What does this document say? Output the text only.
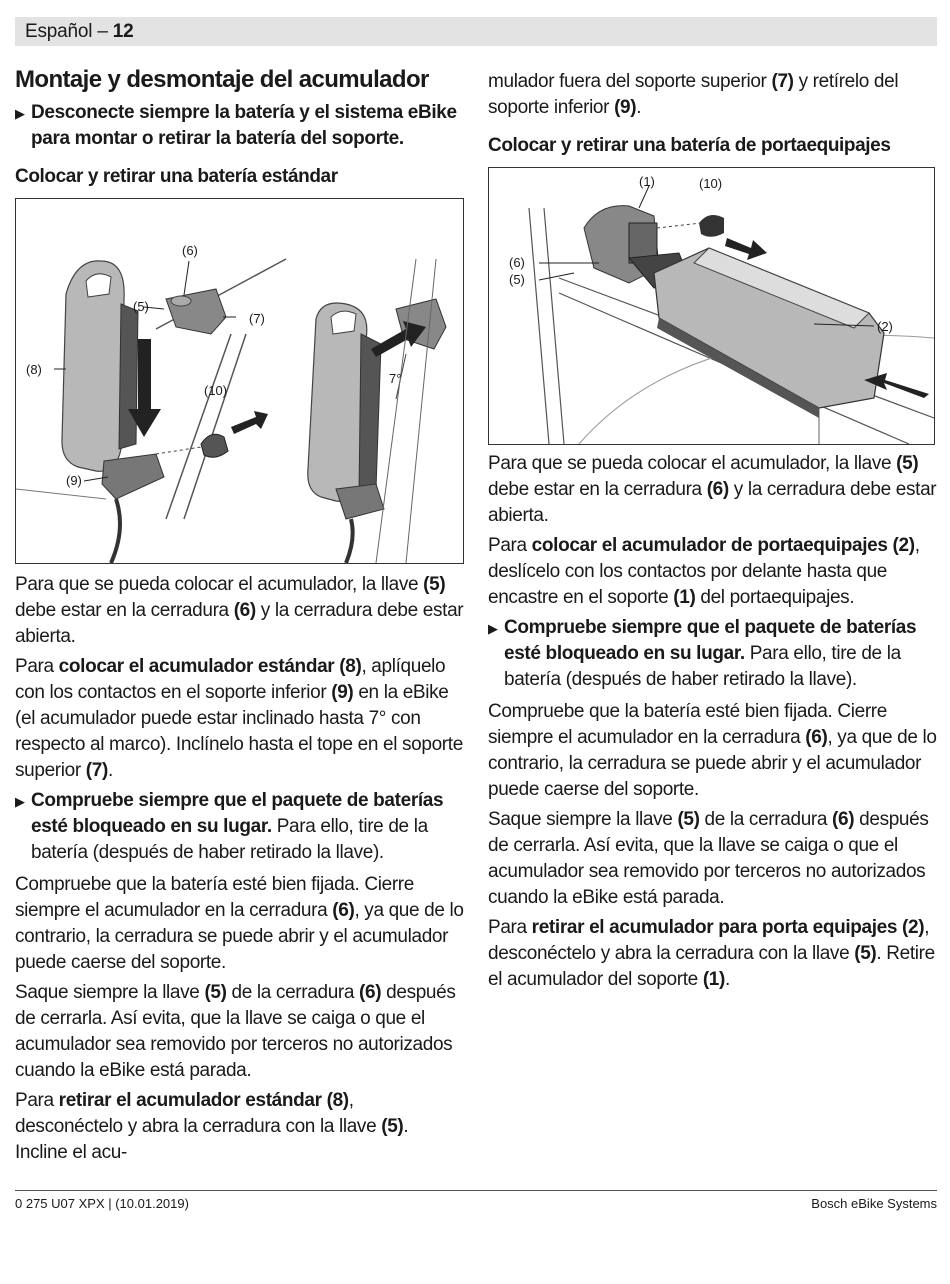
Español – 12
Montaje y desmontaje del acumulador
▶ Desconecte siempre la batería y el sistema eBike para montar o retirar la batería del soporte.
Colocar y retirar una batería estándar
(6)
(5)
(7)
(8)
(10)
(9)
7°
Para que se pueda colocar el acumulador, la llave (5) debe estar en la cerradura (6) y la cerradura debe estar abierta.
Para colocar el acumulador estándar (8), aplíquelo con los contactos en el soporte inferior (9) en la eBike (el acumulador puede estar inclinado hasta 7° con respecto al marco). Inclínelo hasta el tope en el soporte superior (7).
▶ Compruebe siempre que el paquete de baterías esté bloqueado en su lugar. Para ello, tire de la batería (después de haber retirado la llave).
Compruebe que la batería esté bien fijada. Cierre siempre el acumulador en la cerradura (6), ya que de lo contrario, la cerradura se puede abrir y el acumulador puede caerse del soporte.
Saque siempre la llave (5) de la cerradura (6) después de cerrarla. Así evita, que la llave se caiga o que el acumulador sea removido por terceros no autorizados cuando la eBike está parada.
Para retirar el acumulador estándar (8), desconéctelo y abra la cerradura con la llave (5). Incline el acu-
mulador fuera del soporte superior (7) y retírelo del soporte inferior (9).
Colocar y retirar una batería de portaequipajes
(1)	(10)
(6)
(5)
(2)
Para que se pueda colocar el acumulador, la llave (5) debe estar en la cerradura (6) y la cerradura debe estar abierta.
Para colocar el acumulador de portaequipajes (2), deslícelo con los contactos por delante hasta que encastre en el soporte (1) del portaequipajes.
▶ Compruebe siempre que el paquete de baterías esté bloqueado en su lugar. Para ello, tire de la batería (después de haber retirado la llave).
Compruebe que la batería esté bien fijada. Cierre siempre el acumulador en la cerradura (6), ya que de lo contrario, la cerradura se puede abrir y el acumulador puede caerse del soporte.
Saque siempre la llave (5) de la cerradura (6) después de cerrarla. Así evita, que la llave se caiga o que el acumulador sea removido por terceros no autorizados cuando la eBike está parada.
Para retirar el acumulador para porta equipajes (2), desconéctelo y abra la cerradura con la llave (5). Retire el acumulador del soporte (1).
0 275 U07 XPX | (10.01.2019)	Bosch eBike Systems
